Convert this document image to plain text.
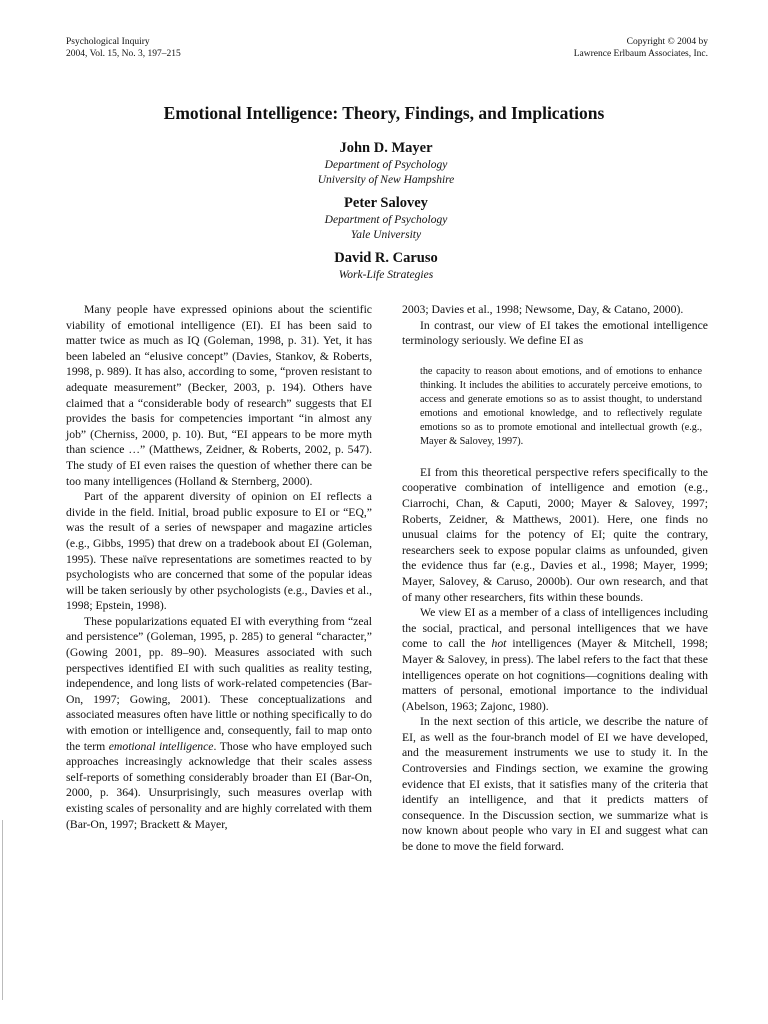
Psychological Inquiry
2004, Vol. 15, No. 3, 197–215
Copyright © 2004 by
Lawrence Erlbaum Associates, Inc.
Emotional Intelligence: Theory, Findings, and Implications
John D. Mayer
Department of Psychology
University of New Hampshire
Peter Salovey
Department of Psychology
Yale University
David R. Caruso
Work-Life Strategies

Many people have expressed opinions about the scientific viability of emotional intelligence (EI). EI has been said to matter twice as much as IQ (Goleman, 1998, p. 31). Yet, it has been labeled an “elusive concept” (Davies, Stankov, & Roberts, 1998, p. 989). It has also, according to some, “proven resistant to adequate measurement” (Becker, 2003, p. 194). Others have claimed that a “considerable body of research” suggests that EI provides the basis for competencies important “in almost any job” (Cherniss, 2000, p. 10). But, “EI appears to be more myth than science …” (Matthews, Zeidner, & Roberts, 2002, p. 547). The study of EI even raises the question of whether there can be too many intelligences (Holland & Sternberg, 2000).

Part of the apparent diversity of opinion on EI reflects a divide in the field. Initial, broad public exposure to EI or “EQ,” was the result of a series of newspaper and magazine articles (e.g., Gibbs, 1995) that drew on a tradebook about EI (Goleman, 1995). These naïve representations are sometimes reacted to by psychologists who are concerned that some of the popular ideas will be taken seriously by other psychologists (e.g., Davies et al., 1998; Epstein, 1998).

These popularizations equated EI with everything from “zeal and persistence” (Goleman, 1995, p. 285) to general “character,” (Gowing 2001, pp. 89–90). Measures associated with such perspectives identified EI with such qualities as reality testing, independence, and long lists of work-related competencies (Bar-On, 1997; Gowing, 2001). These conceptualizations and associated measures often have little or nothing specifically to do with emotion or intelligence and, consequently, fail to map onto the term emotional intelligence. Those who have employed such approaches increasingly acknowledge that their scales assess self-reports of something considerably broader than EI (Bar-On, 2000, p. 364). Unsurprisingly, such measures overlap with existing scales of personality and are highly correlated with them (Bar-On, 1997; Brackett & Mayer,

2003; Davies et al., 1998; Newsome, Day, & Catano, 2000).

In contrast, our view of EI takes the emotional intelligence terminology seriously. We define EI as

the capacity to reason about emotions, and of emotions to enhance thinking. It includes the abilities to accurately perceive emotions, to access and generate emotions so as to assist thought, to understand emotions and emotional knowledge, and to reflectively regulate emotions so as to promote emotional and intellectual growth (e.g., Mayer & Salovey, 1997).

EI from this theoretical perspective refers specifically to the cooperative combination of intelligence and emotion (e.g., Ciarrochi, Chan, & Caputi, 2000; Mayer & Salovey, 1997; Roberts, Zeidner, & Matthews, 2001). Here, one finds no unusual claims for the potency of EI; quite the contrary, researchers seek to expose popular claims as unfounded, given the evidence thus far (e.g., Davies et al., 1998; Mayer, 1999; Mayer, Salovey, & Caruso, 2000b). Our own research, and that of many other researchers, fits within these bounds.

We view EI as a member of a class of intelligences including the social, practical, and personal intelligences that we have come to call the hot intelligences (Mayer & Mitchell, 1998; Mayer & Salovey, in press). The label refers to the fact that these intelligences operate on hot cognitions—cognitions dealing with matters of personal, emotional importance to the individual (Abelson, 1963; Zajonc, 1980).

In the next section of this article, we describe the nature of EI, as well as the four-branch model of EI we have developed, and the measurement instruments we use to study it. In the Controversies and Findings section, we examine the growing evidence that EI exists, that it satisfies many of the criteria that identify an intelligence, and that it predicts matters of consequence. In the Discussion section, we summarize what is now known about people who vary in EI and suggest what can be done to move the field forward.
